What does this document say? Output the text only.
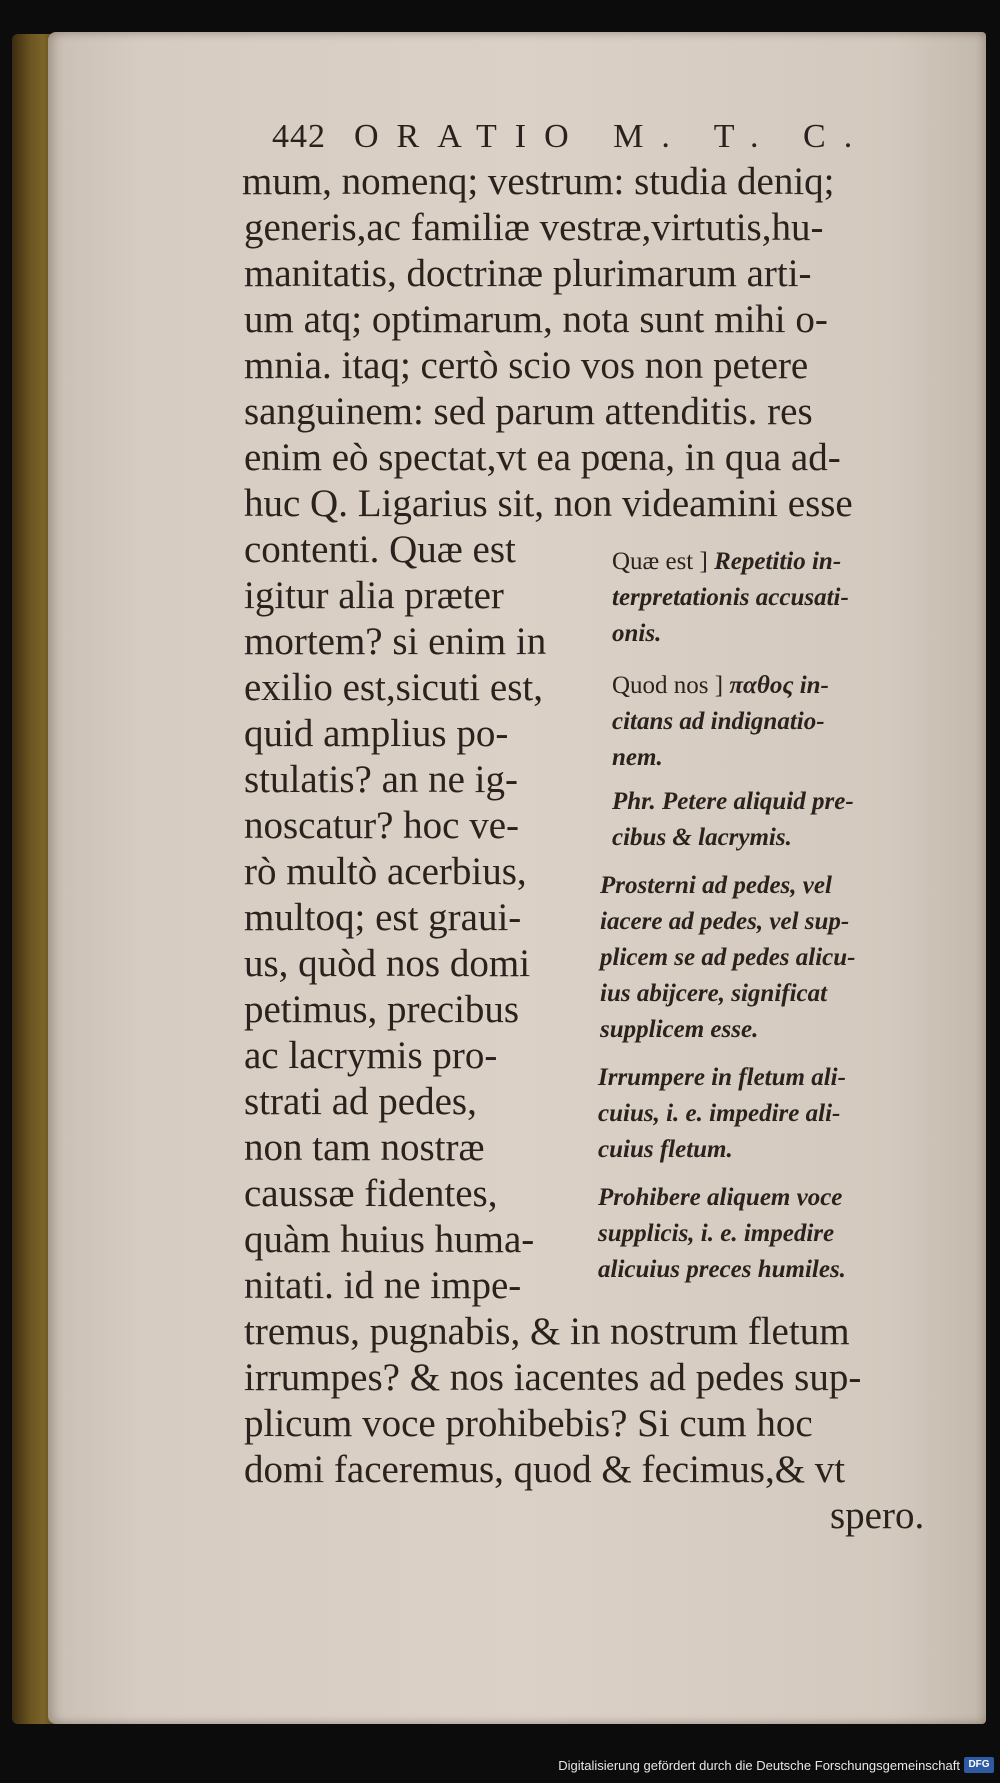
442 ORATIO M. T. C.
mum, nomenq; vestrum: studia deniq;
generis,ac familiæ vestræ,virtutis,hu-
manitatis, doctrinæ plurimarum arti-
um atq; optimarum, nota sunt mihi o-
mnia. itaq; certò scio vos non petere
sanguinem: sed parum attenditis. res
enim eò spectat,vt ea pœna, in qua ad-
huc Q. Ligarius sit, non videamini esse
contenti. Quæ est
igitur alia præter
mortem? si enim in
exilio est,sicuti est,
quid amplius po-
stulatis? an ne ig-
noscatur? hoc ve-
rò multò acerbius,
multoq; est graui-
us, quòd nos domi
petimus, precibus
ac lacrymis pro-
strati ad pedes,
non tam nostræ
caussæ fidentes,
quàm huius huma-
nitati. id ne impe-
tremus, pugnabis, & in nostrum fletum
irrumpes? & nos iacentes ad pedes sup-
plicum voce prohibebis? Si cum hoc
domi faceremus, quod & fecimus,& vt
spero.
Quæ est ] Repetitio in-
terpretationis accusati-
onis.
Quod nos ] παθος in-
citans ad indignatio-
nem.
Phr. Petere aliquid pre-
cibus & lacrymis.
Prosterni ad pedes, vel
iacere ad pedes, vel sup-
plicem se ad pedes alicu-
ius abijcere, significat
supplicem esse.
Irrumpere in fletum ali-
cuius, i. e. impedire ali-
cuius fletum.
Prohibere aliquem voce
supplicis, i. e. impedire
alicuius preces humiles.
Digitalisierung gefördert durch die Deutsche Forschungsgemeinschaft DFG
